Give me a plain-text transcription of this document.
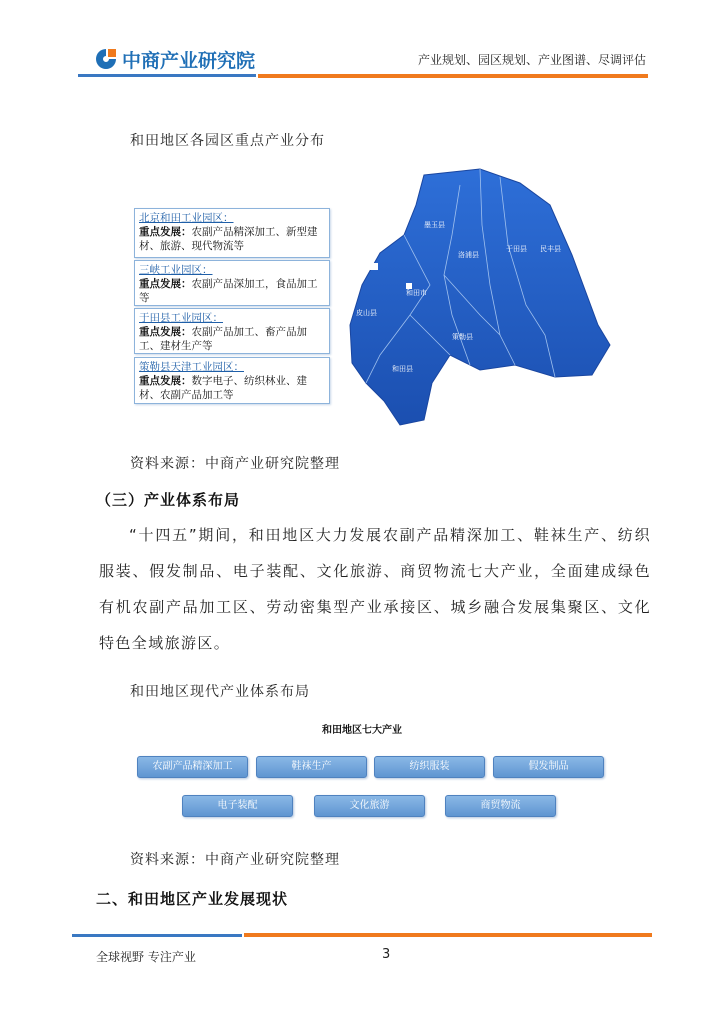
中商产业研究院	产业规划、园区规划、产业图谱、尽调评估
和田地区各园区重点产业分布
北京和田工业园区：
重点发展：农副产品精深加工、新型建材、旅游、现代物流等
三峡工业园区：
重点发展：农副产品深加工，食品加工等
于田县工业园区：
重点发展：农副产品加工、畜产品加工、建材生产等
策勒县天津工业园区：
重点发展：数字电子、纺织林业、建材、农副产品加工等
墨玉县
于田县 民丰县
皮山县
和田市
和田县
洛浦县
策勒县
资料来源：中商产业研究院整理
（三）产业体系布局
“十四五”期间，和田地区大力发展农副产品精深加工、鞋袜生产、纺织服装、假发制品、电子装配、文化旅游、商贸物流七大产业，全面建成绿色有机农副产品加工区、劳动密集型产业承接区、城乡融合发展集聚区、文化特色全域旅游区。
和田地区现代产业体系布局
和田地区七大产业
农副产品精深加工	鞋袜生产	纺织服装	假发制品
电子装配	文化旅游	商贸物流
资料来源：中商产业研究院整理
二、和田地区产业发展现状
全球视野 专注产业	3
